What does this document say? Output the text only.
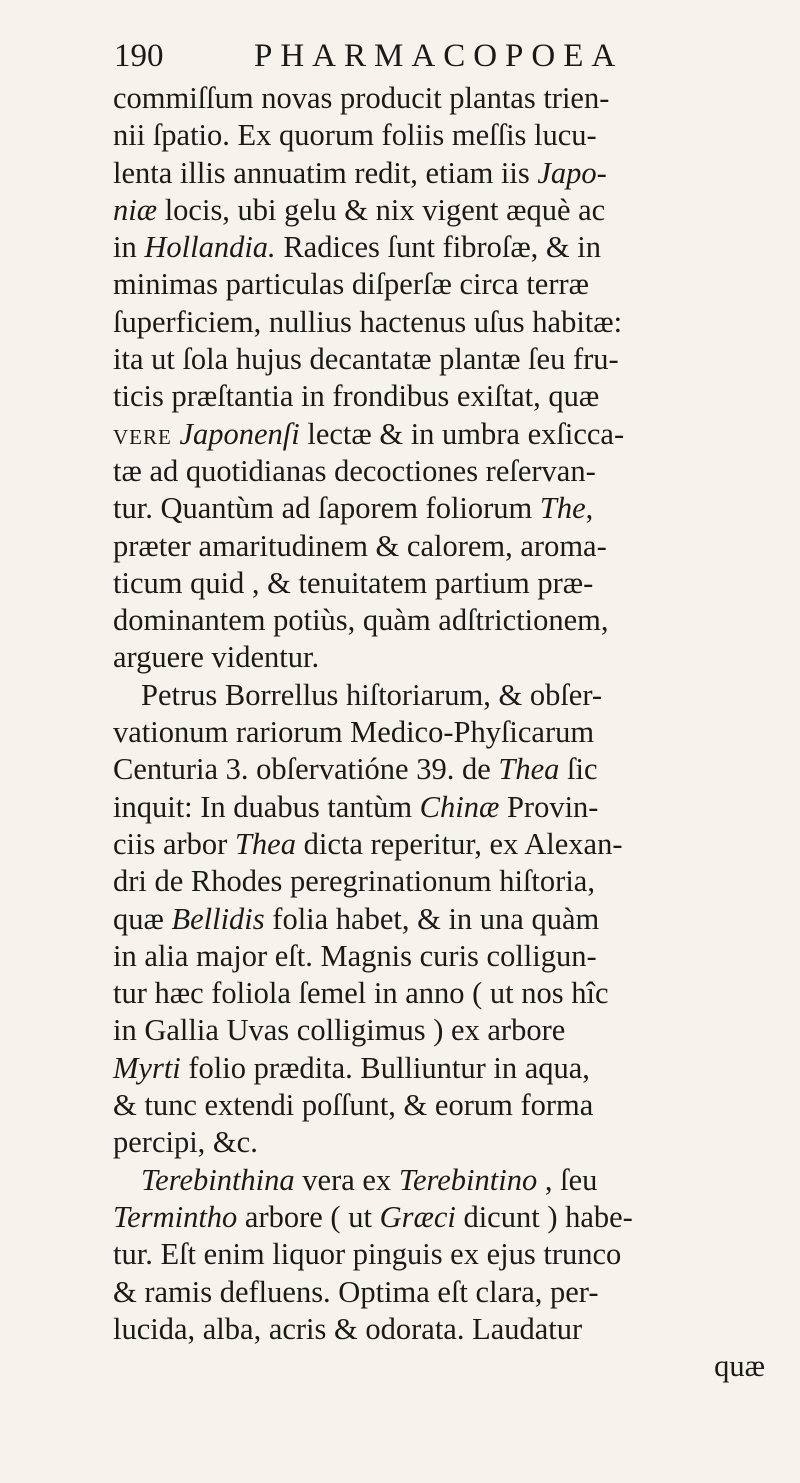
190	PHARMACOPOEA
commiſſum novas producit plantas trien-
nii ſpatio. Ex quorum foliis meſſis lucu-
lenta illis annuatim redit, etiam iis Japo-
niæ locis, ubi gelu & nix vigent æquè ac
in Hollandia. Radices ſunt fibroſæ, & in
minimas particulas diſperſæ circa terræ
ſuperficiem, nullius hactenus uſus habitæ:
ita ut ſola hujus decantatæ plantæ ſeu fru-
ticis præſtantia in frondibus exiſtat, quæ
vere Japonenſi lectæ & in umbra exſicca-
tæ ad quotidianas decoctiones reſervan-
tur. Quantùm ad ſaporem foliorum The,
præter amaritudinem & calorem, aroma-
ticum quid , & tenuitatem partium præ-
dominantem potiùs, quàm adſtrictionem,
arguere videntur.
Petrus Borrellus hiſtoriarum, & obſer-
vationum rariorum Medico-Phyſicarum
Centuria 3. obſervatióne 39. de Thea ſic
inquit: In duabus tantùm Chinæ Provin-
ciis arbor Thea dicta reperitur, ex Alexan-
dri de Rhodes peregrinationum hiſtoria,
quæ Bellidis folia habet, & in una quàm
in alia major eſt. Magnis curis colligun-
tur hæc foliola ſemel in anno ( ut nos hîc
in Gallia Uvas colligimus ) ex arbore
Myrti folio prædita. Bulliuntur in aqua,
& tunc extendi poſſunt, & eorum forma
percipi, &c.
Terebinthina vera ex Terebintino , ſeu
Termintho arbore ( ut Græci dicunt ) habe-
tur. Eſt enim liquor pinguis ex ejus trunco
& ramis defluens. Optima eſt clara, per-
lucida, alba, acris & odorata. Laudatur
quæ
